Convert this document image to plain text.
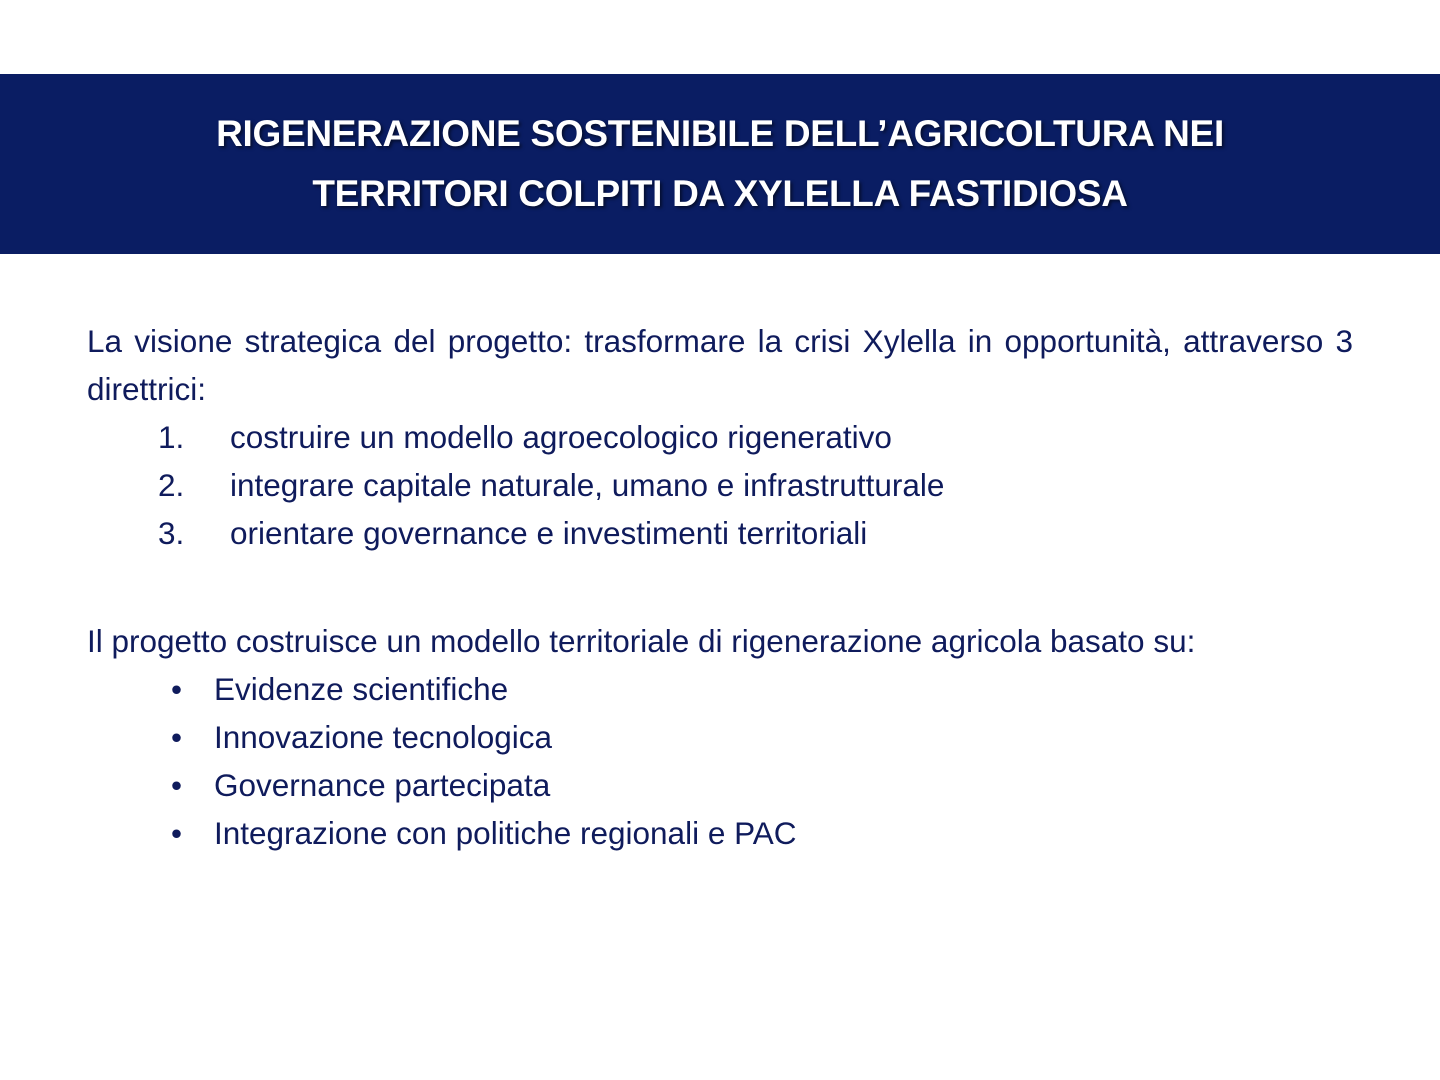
RIGENERAZIONE SOSTENIBILE DELL’AGRICOLTURA NEI
TERRITORI COLPITI DA XYLELLA FASTIDIOSA

La visione strategica del progetto: trasformare la crisi Xylella in opportunità, attraverso 3 direttrici:

1. costruire un modello agroecologico rigenerativo
2. integrare capitale naturale, umano e infrastrutturale
3. orientare governance e investimenti territoriali

Il progetto costruisce un modello territoriale di rigenerazione agricola basato su:

• Evidenze scientifiche
• Innovazione tecnologica
• Governance partecipata
• Integrazione con politiche regionali e PAC
